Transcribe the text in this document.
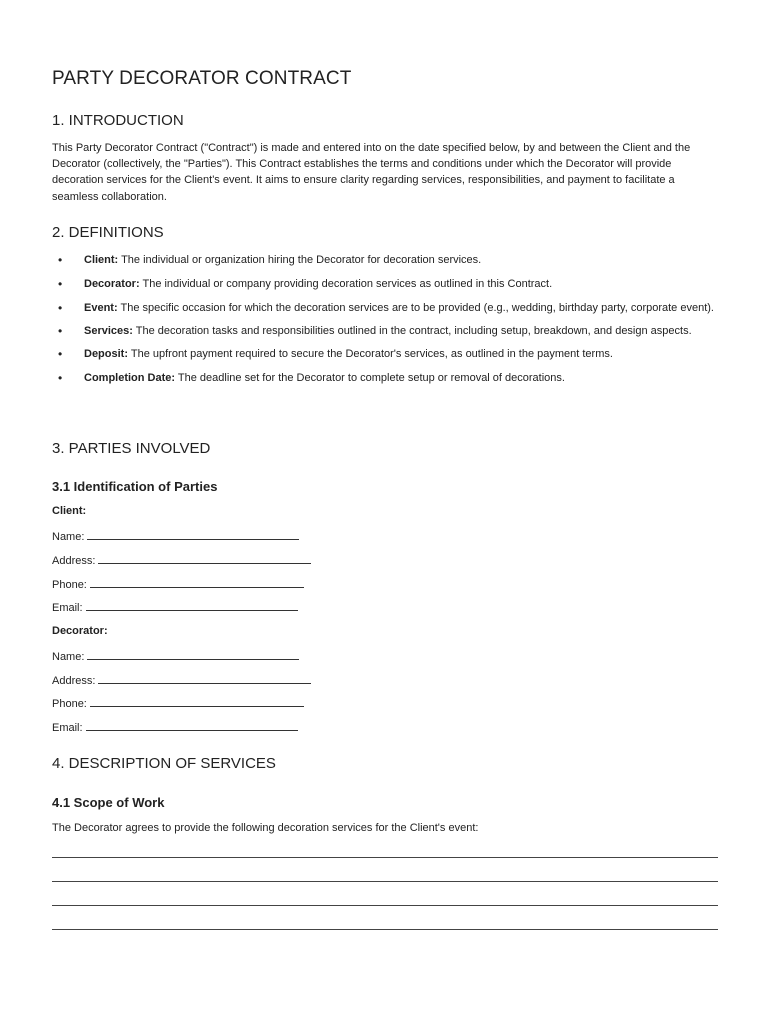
PARTY DECORATOR CONTRACT
1. INTRODUCTION

This Party Decorator Contract ("Contract") is made and entered into on the date specified below, by and between the Client and the Decorator (collectively, the "Parties"). This Contract establishes the terms and conditions under which the Decorator will provide decoration services for the Client's event. It aims to ensure clarity regarding services, responsibilities, and payment to facilitate a seamless collaboration.

2. DEFINITIONS
• Client: The individual or organization hiring the Decorator for decoration services.
• Decorator: The individual or company providing decoration services as outlined in this Contract.
• Event: The specific occasion for which the decoration services are to be provided (e.g., wedding, birthday party, corporate event).
• Services: The decoration tasks and responsibilities outlined in the contract, including setup, breakdown, and design aspects.
• Deposit: The upfront payment required to secure the Decorator's services, as outlined in the payment terms.
• Completion Date: The deadline set for the Decorator to complete setup or removal of decorations.
3. PARTIES INVOLVED
3.1 Identification of Parties
Client:
Name:
Address:
Phone:
Email:
Decorator:
Name:
Address:
Phone:
Email:
4. DESCRIPTION OF SERVICES
4.1 Scope of Work

The Decorator agrees to provide the following decoration services for the Client's event:
